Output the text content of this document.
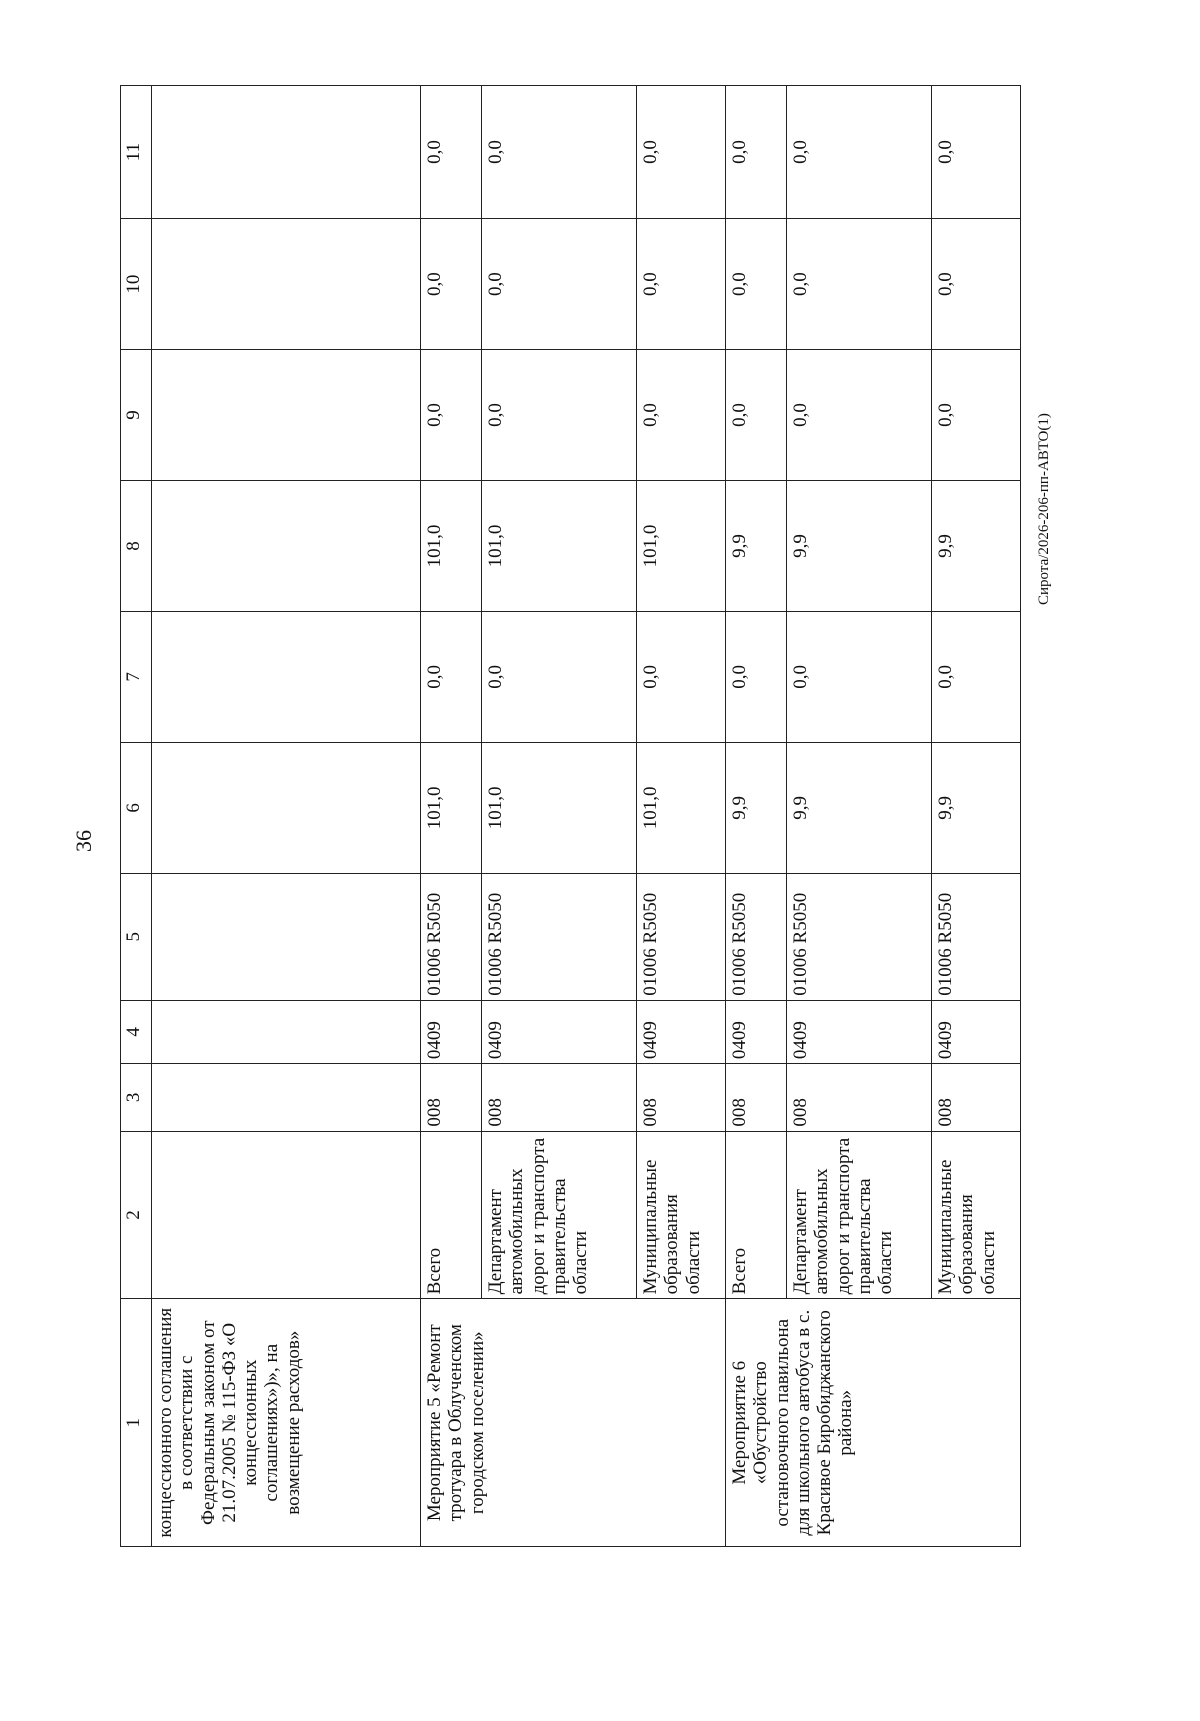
36
Сирота/2026-206-пп-АВТО(1)
1	2	3	4	5	6	7	8	9	10	11
концессионного соглашения в соответствии с Федеральным законом от 21.07.2005 № 115-ФЗ «О концессионных соглашениях»)», на возмещение расходов»										
Мероприятие 5 «Ремонт тротуара в Облученском городском поселении»	Всего	008	0409	01006 R5050	101,0	0,0	101,0	0,0	0,0	0,0
	Департамент автомобильных дорог и транспорта правительства области	008	0409	01006 R5050	101,0	0,0	101,0	0,0	0,0	0,0
	Муниципальные образования области	008	0409	01006 R5050	101,0	0,0	101,0	0,0	0,0	0,0
Мероприятие 6 «Обустройство остановочного павильона для школьного автобуса в с. Красивое Биробиджанского района»	Всего	008	0409	01006 R5050	9,9	0,0	9,9	0,0	0,0	0,0
	Департамент автомобильных дорог и транспорта правительства области	008	0409	01006 R5050	9,9	0,0	9,9	0,0	0,0	0,0
	Муниципальные образования области	008	0409	01006 R5050	9,9	0,0	9,9	0,0	0,0	0,0
